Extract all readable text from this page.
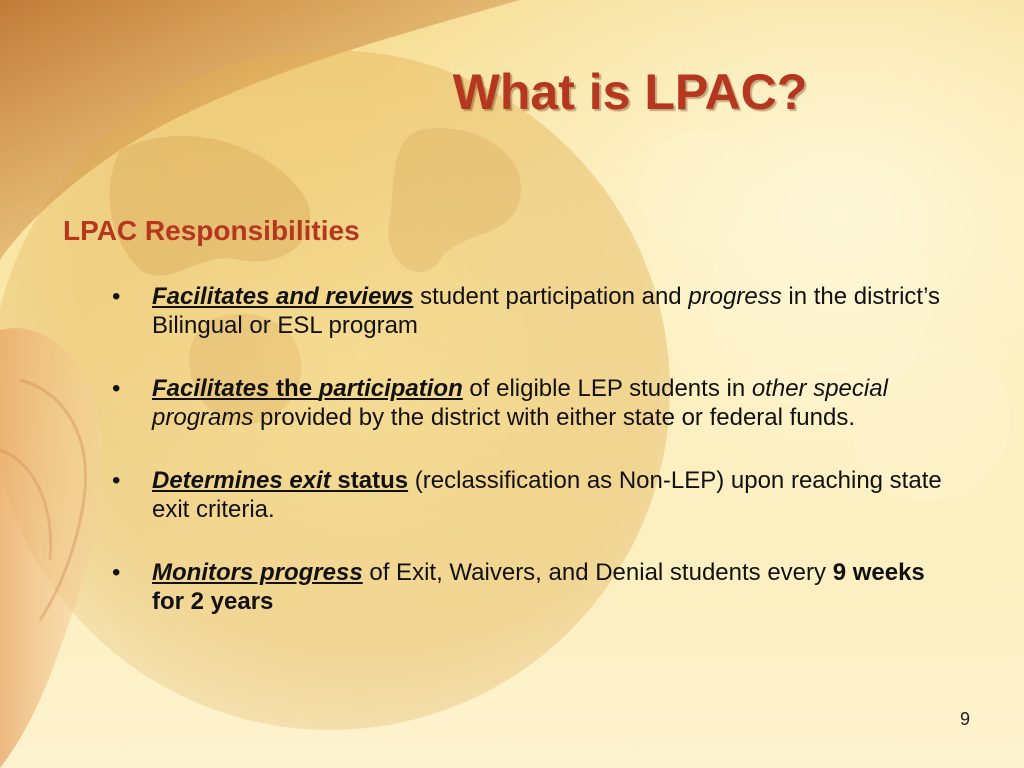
What is LPAC?
LPAC Responsibilities
• Facilitates and reviews student participation and progress in the district’s Bilingual or ESL program
• Facilitates the participation of eligible LEP students in other special programs provided by the district with either state or federal funds.
• Determines exit status (reclassification as Non-LEP) upon reaching state exit criteria.
• Monitors progress of Exit, Waivers, and Denial students every 9 weeks for 2 years
9
